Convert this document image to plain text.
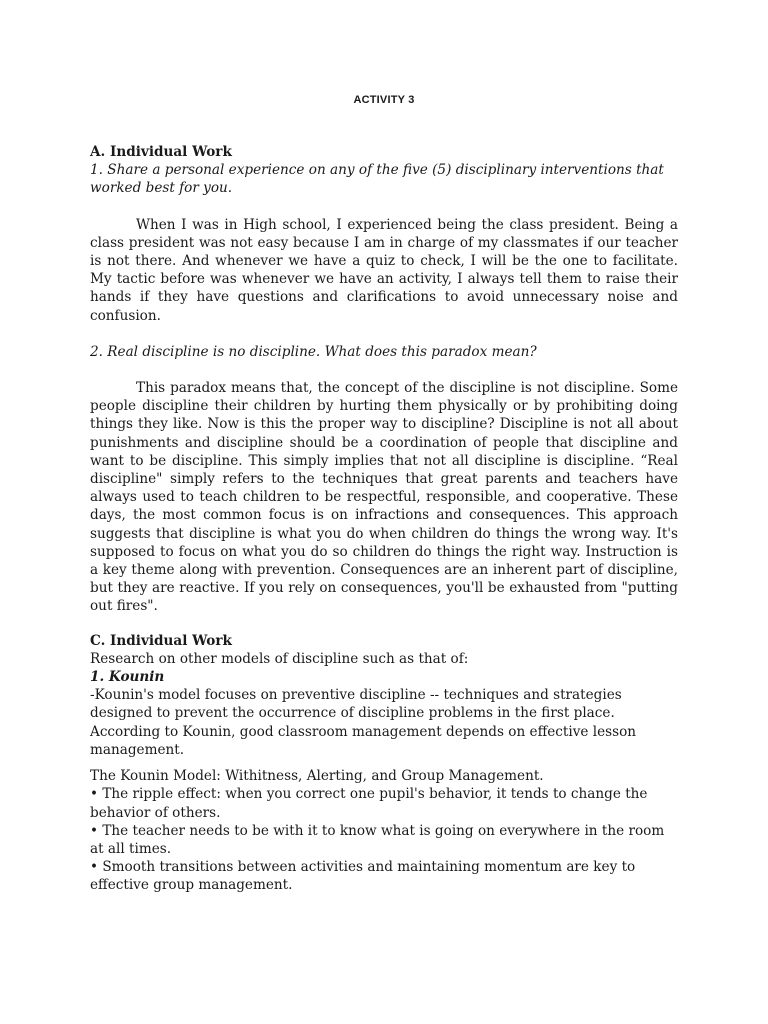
ACTIVITY 3

A. Individual Work

1. Share a personal experience on any of the five (5) disciplinary interventions that worked best for you.

When I was in High school, I experienced being the class president. Being a class president was not easy because I am in charge of my classmates if our teacher is not there. And whenever we have a quiz to check, I will be the one to facilitate. My tactic before was whenever we have an activity, I always tell them to raise their hands if they have questions and clarifications to avoid unnecessary noise and confusion.

2. Real discipline is no discipline. What does this paradox mean?

This paradox means that, the concept of the discipline is not discipline. Some people discipline their children by hurting them physically or by prohibiting doing things they like. Now is this the proper way to discipline? Discipline is not all about punishments and discipline should be a coordination of people that discipline and want to be discipline. This simply implies that not all discipline is discipline. “Real discipline" simply refers to the techniques that great parents and teachers have always used to teach children to be respectful, responsible, and cooperative. These days, the most common focus is on infractions and consequences. This approach suggests that discipline is what you do when children do things the wrong way. It's supposed to focus on what you do so children do things the right way. Instruction is a key theme along with prevention. Consequences are an inherent part of discipline, but they are reactive. If you rely on consequences, you'll be exhausted from "putting out fires".

C. Individual Work

Research on other models of discipline such as that of:

1. Kounin

-Kounin's model focuses on preventive discipline -- techniques and strategies designed to prevent the occurrence of discipline problems in the first place. According to Kounin, good classroom management depends on effective lesson management.

The Kounin Model: Withitness, Alerting, and Group Management.

• The ripple effect: when you correct one pupil's behavior, it tends to change the behavior of others.

• The teacher needs to be with it to know what is going on everywhere in the room at all times.

• Smooth transitions between activities and maintaining momentum are key to effective group management.
